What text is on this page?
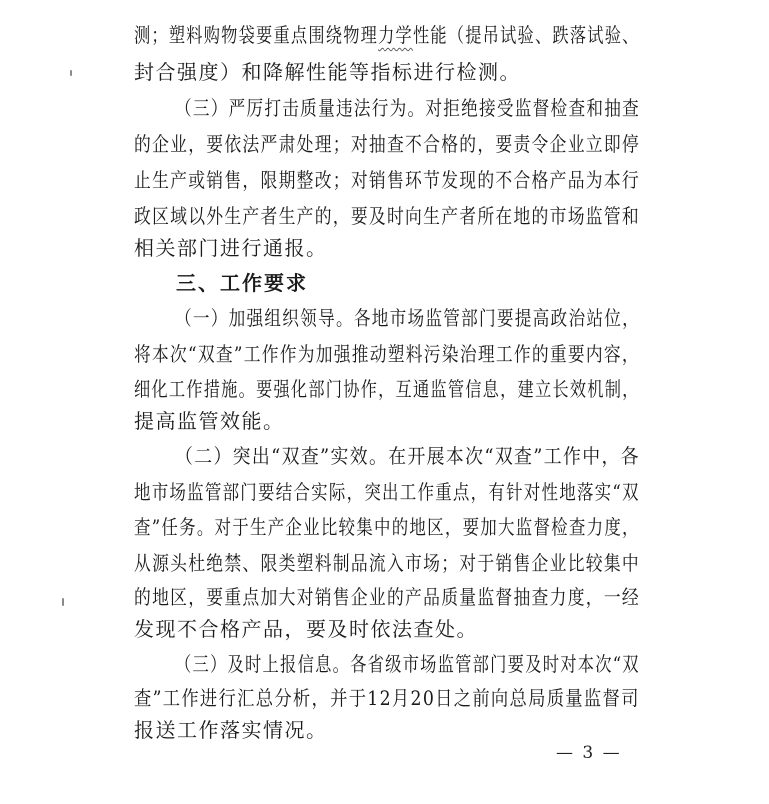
测；塑料购物袋要重点围绕物理力学性能（提吊试验、跌落试验、
封合强度）和降解性能等指标进行检测。
（三）严厉打击质量违法行为。对拒绝接受监督检查和抽查
的企业，要依法严肃处理；对抽查不合格的，要责令企业立即停
止生产或销售，限期整改；对销售环节发现的不合格产品为本行
政区域以外生产者生产的，要及时向生产者所在地的市场监管和
相关部门进行通报。
三、工作要求
（一）加强组织领导。各地市场监管部门要提高政治站位，
将本次“双查”工作作为加强推动塑料污染治理工作的重要内容，
细化工作措施。要强化部门协作，互通监管信息，建立长效机制，
提高监管效能。
（二）突出“双查”实效。在开展本次“双查”工作中，各
地市场监管部门要结合实际，突出工作重点，有针对性地落实“双
查”任务。对于生产企业比较集中的地区，要加大监督检查力度，
从源头杜绝禁、限类塑料制品流入市场；对于销售企业比较集中
的地区，要重点加大对销售企业的产品质量监督抽查力度，一经
发现不合格产品，要及时依法查处。
（三）及时上报信息。各省级市场监管部门要及时对本次“双
查”工作进行汇总分析，并于12月20日之前向总局质量监督司
报送工作落实情况。
— 3 —
